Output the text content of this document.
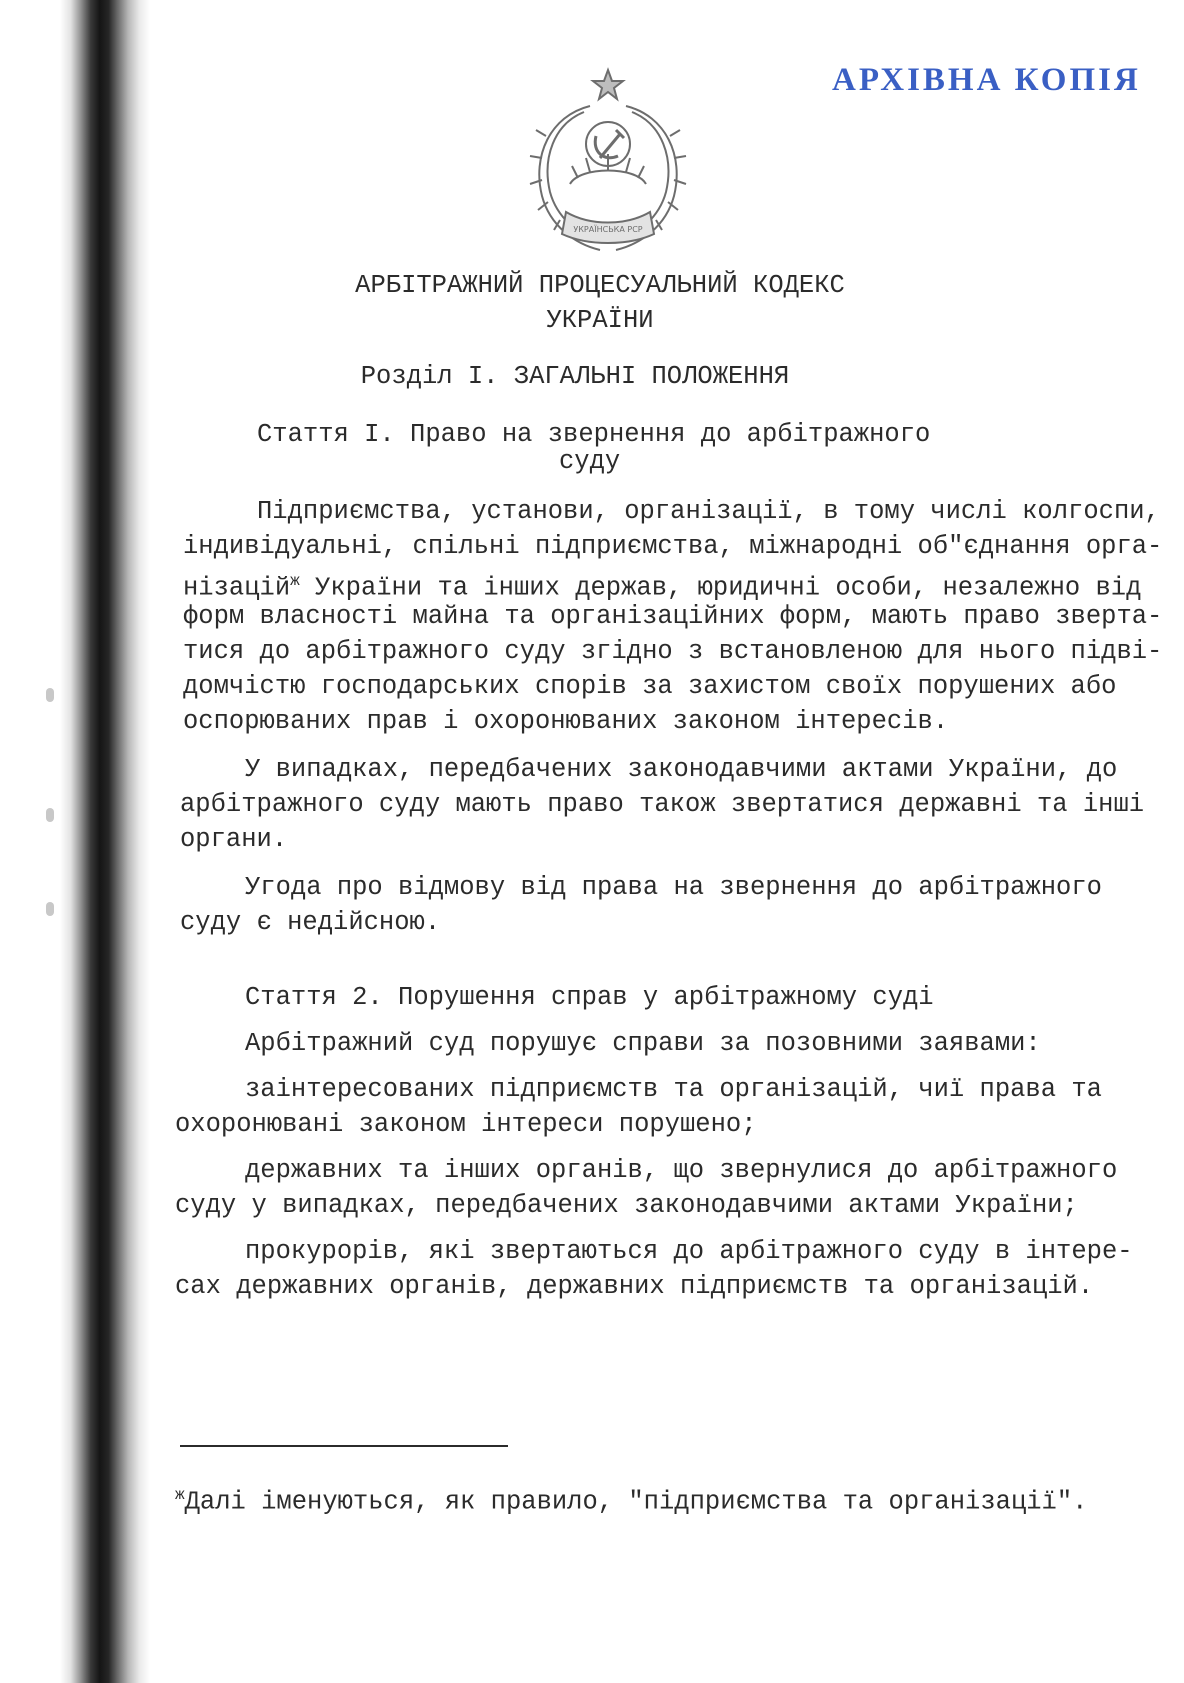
АРХІВНА КОПІЯ
УКРАЇНСЬКА РСР
АРБІТРАЖНИЙ ПРОЦЕСУАЛЬНИЙ КОДЕКС
УКРАЇНИ
Розділ І. ЗАГАЛЬНІ ПОЛОЖЕННЯ
Стаття І. Право на звернення до арбітражного
суду
Підприємства, установи, організації, в тому числі колгоспи,
індивідуальні, спільні підприємства, міжнародні об"єднання орга-
нізацій$^ж$ України та інших держав, юридичні особи, незалежно від
форм власності майна та організаційних форм, мають право зверта-
тися до арбітражного суду згідно з встановленою для нього підві-
домчістю господарських спорів за захистом своїх порушених або
оспорюваних прав і охоронюваних законом інтересів.
У випадках, передбачених законодавчими актами України, до
арбітражного суду мають право також звертатися державні та інші
органи.
Угода про відмову від права на звернення до арбітражного
суду є недійсною.
Стаття 2. Порушення справ у арбітражному суді
Арбітражний суд порушує справи за позовними заявами:
заінтересованих підприємств та організацій, чиї права та
охоронювані законом інтереси порушено;
державних та інших органів, що звернулися до арбітражного
суду у випадках, передбачених законодавчими актами України;
прокурорів, які звертаються до арбітражного суду в інтере-
сах державних органів, державних підприємств та організацій.
$^ж$Далі іменуються, як правило, "підприємства та організації".
